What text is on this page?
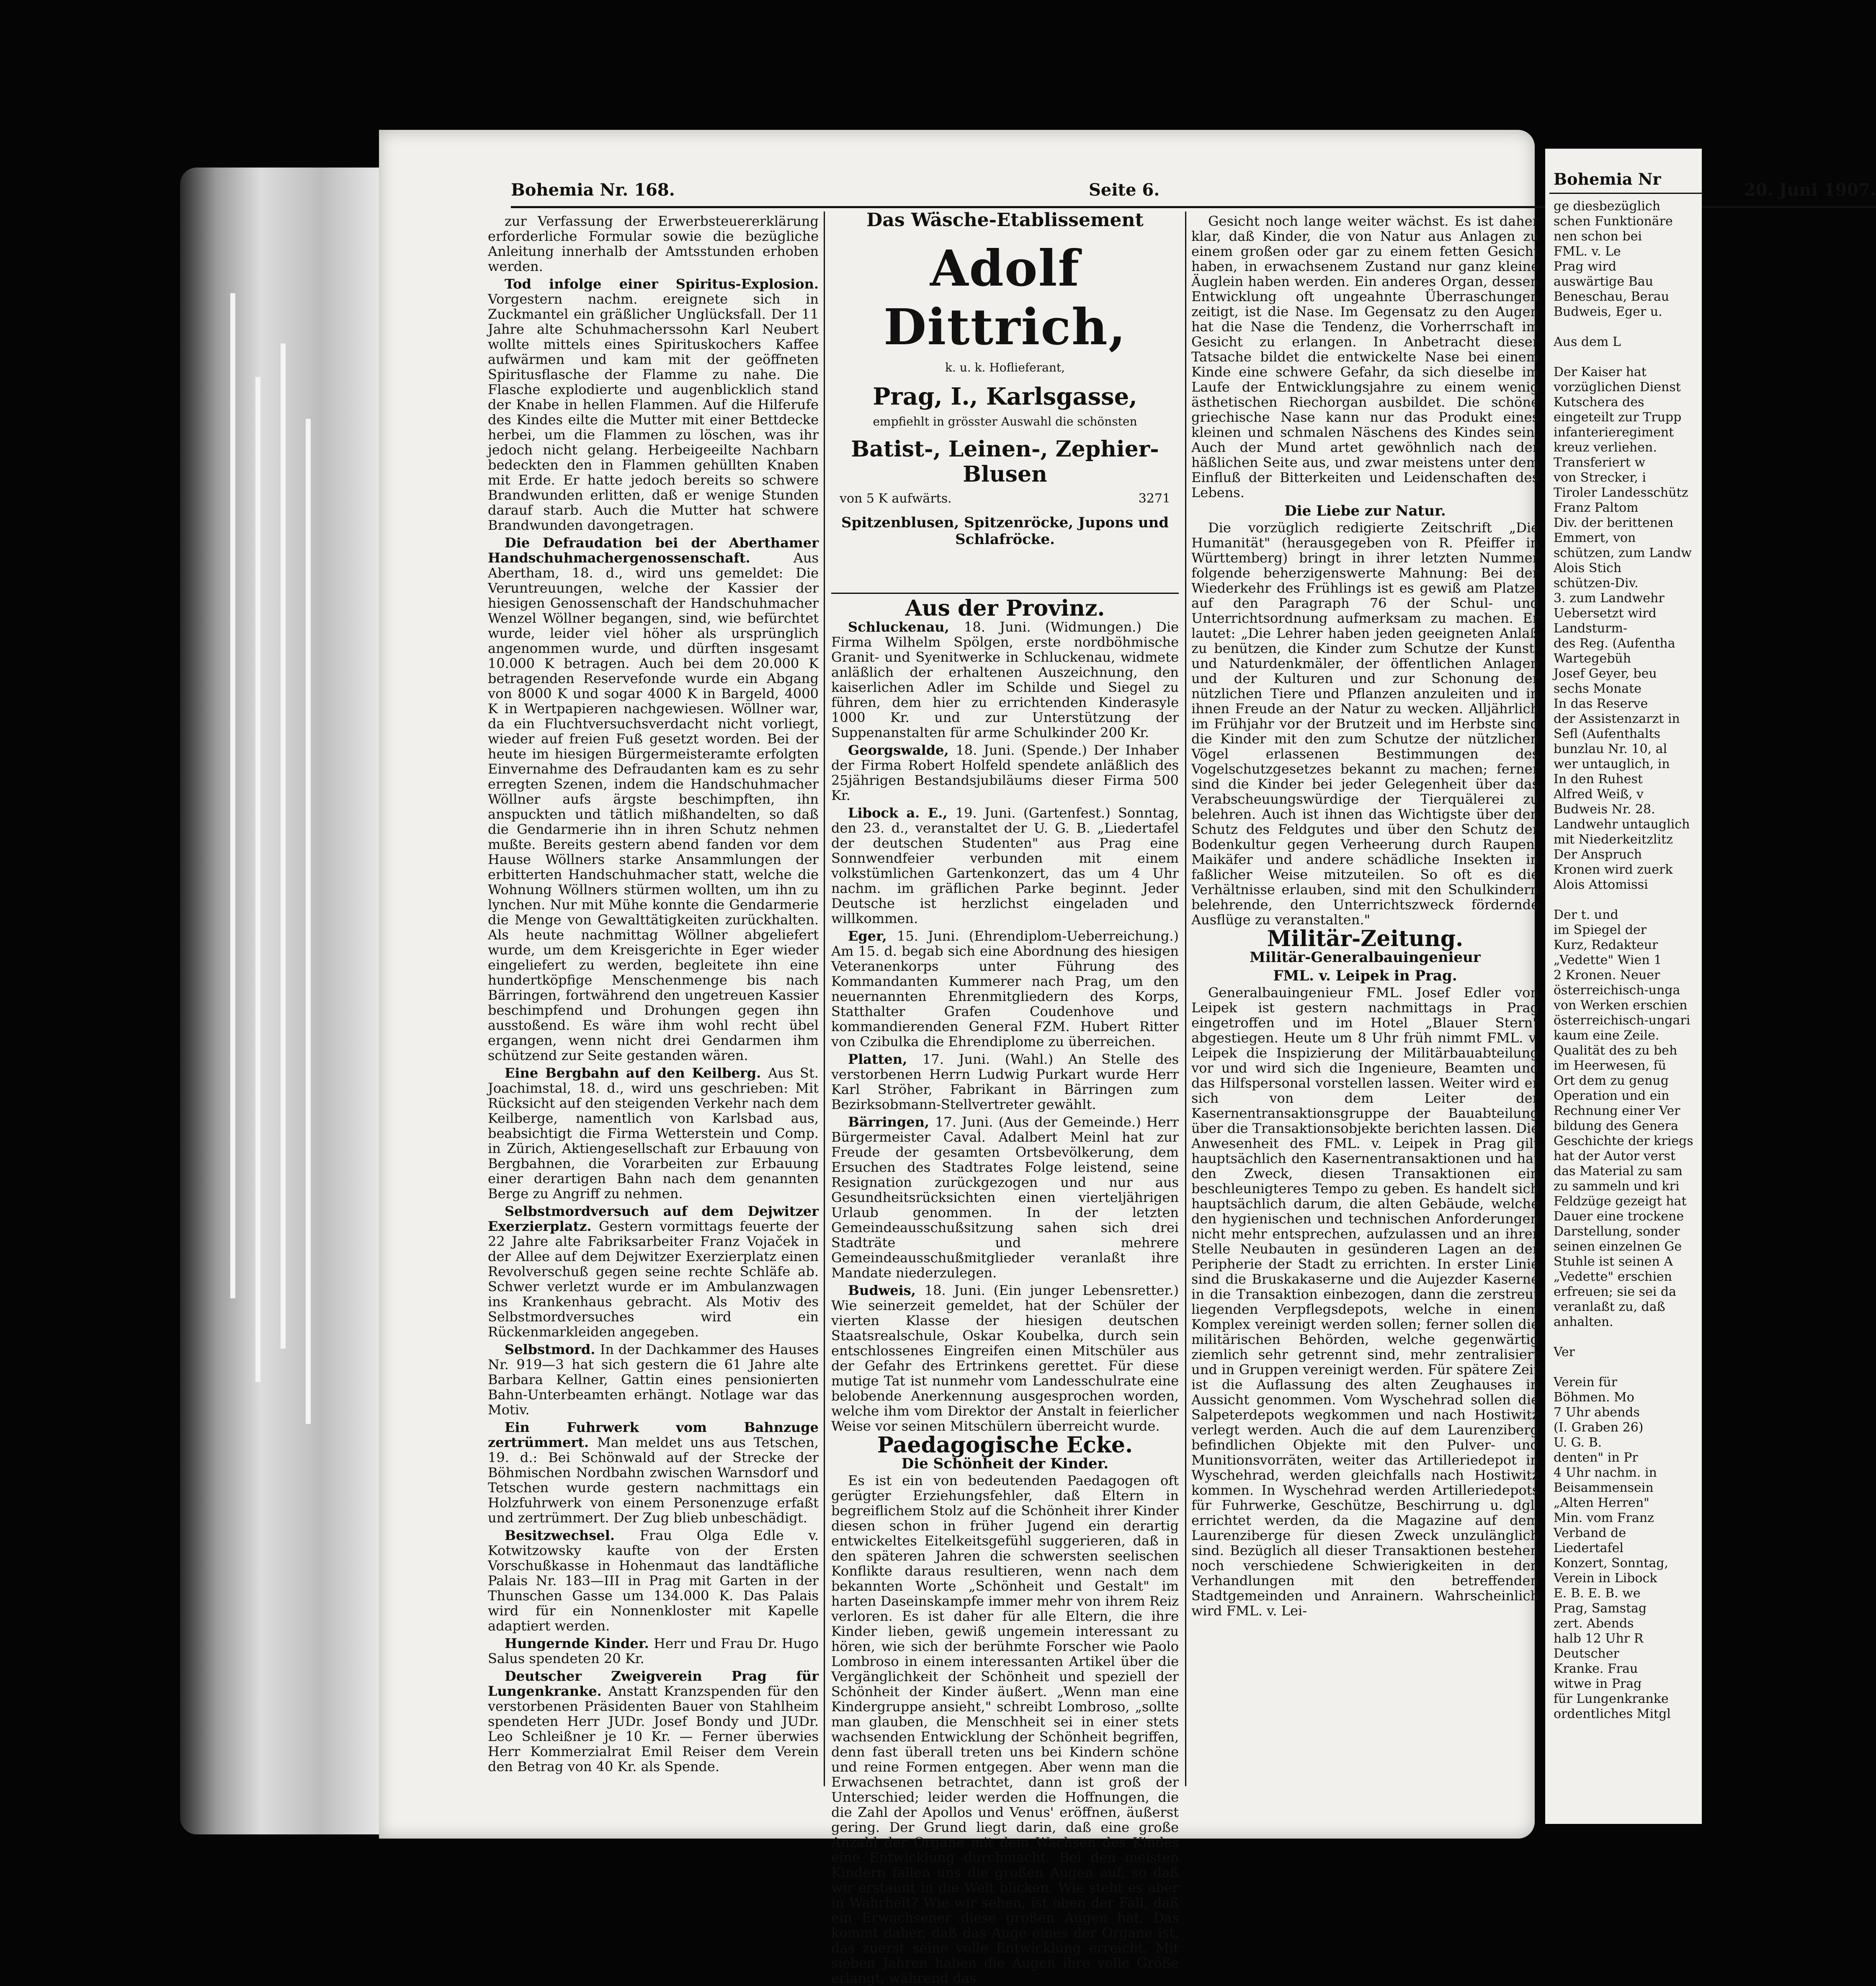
Bohemia Nr. 168.	Seite 6.	20. Juni 1907.

zur Verfassung der Erwerbsteuererklärung erforderliche Formular sowie die bezügliche Anleitung innerhalb der Amtsstunden erhoben werden.

Tod infolge einer Spiritus-Explosion. Vorgestern nachm. ereignete sich in Zuckmantel ein gräßlicher Unglücksfall. Der 11 Jahre alte Schuhmacherssohn Karl Neubert wollte mittels eines Spirituskochers Kaffee aufwärmen und kam mit der geöffneten Spiritusflasche der Flamme zu nahe. Die Flasche explodierte und augenblicklich stand der Knabe in hellen Flammen. Auf die Hilferufe des Kindes eilte die Mutter mit einer Bettdecke herbei, um die Flammen zu löschen, was ihr jedoch nicht gelang. Herbeigeeilte Nachbarn bedeckten den in Flammen gehüllten Knaben mit Erde. Er hatte jedoch bereits so schwere Brandwunden erlitten, daß er wenige Stunden darauf starb. Auch die Mutter hat schwere Brandwunden davongetragen.

Die Defraudation bei der Aberthamer Handschuhmachergenossenschaft. Aus Abertham, 18. d., wird uns gemeldet: Die Veruntreuungen, welche der Kassier der hiesigen Genossenschaft der Handschuhmacher Wenzel Wöllner begangen, sind, wie befürchtet wurde, leider viel höher als ursprünglich angenommen wurde, und dürften insgesamt 10.000 K betragen. Auch bei dem 20.000 K betragenden Reservefonde wurde ein Abgang von 8000 K und sogar 4000 K in Bargeld, 4000 K in Wertpapieren nachgewiesen. Wöllner war, da ein Fluchtversuchsverdacht nicht vorliegt, wieder auf freien Fuß gesetzt worden. Bei der heute im hiesigen Bürgermeisteramte erfolgten Einvernahme des Defraudanten kam es zu sehr erregten Szenen, indem die Handschuhmacher Wöllner aufs ärgste beschimpften, ihn anspuckten und tätlich mißhandelten, so daß die Gendarmerie ihn in ihren Schutz nehmen mußte. Bereits gestern abend fanden vor dem Hause Wöllners starke Ansammlungen der erbitterten Handschuhmacher statt, welche die Wohnung Wöllners stürmen wollten, um ihn zu lynchen. Nur mit Mühe konnte die Gendarmerie die Menge von Gewalttätigkeiten zurückhalten. Als heute nachmittag Wöllner abgeliefert wurde, um dem Kreisgerichte in Eger wieder eingeliefert zu werden, begleitete ihn eine hundertköpfige Menschenmenge bis nach Bärringen, fortwährend den ungetreuen Kassier beschimpfend und Drohungen gegen ihn ausstoßend. Es wäre ihm wohl recht übel ergangen, wenn nicht drei Gendarmen ihm schützend zur Seite gestanden wären.

Eine Bergbahn auf den Keilberg. Aus St. Joachimstal, 18. d., wird uns geschrieben: Mit Rücksicht auf den steigenden Verkehr nach dem Keilberge, namentlich von Karlsbad aus, beabsichtigt die Firma Wetterstein und Comp. in Zürich, Aktiengesellschaft zur Erbauung von Bergbahnen, die Vorarbeiten zur Erbauung einer derartigen Bahn nach dem genannten Berge zu Angriff zu nehmen.

Selbstmordversuch auf dem Dejwitzer Exerzierplatz. Gestern vormittags feuerte der 22 Jahre alte Fabriksarbeiter Franz Vojaček in der Allee auf dem Dejwitzer Exerzierplatz einen Revolverschuß gegen seine rechte Schläfe ab. Schwer verletzt wurde er im Ambulanzwagen ins Krankenhaus gebracht. Als Motiv des Selbstmordversuches wird ein Rückenmarkleiden angegeben.

Selbstmord. In der Dachkammer des Hauses Nr. 919—3 hat sich gestern die 61 Jahre alte Barbara Kellner, Gattin eines pensionierten Bahn-Unterbeamten erhängt. Notlage war das Motiv.

Ein Fuhrwerk vom Bahnzuge zertrümmert. Man meldet uns aus Tetschen, 19. d.: Bei Schönwald auf der Strecke der Böhmischen Nordbahn zwischen Warnsdorf und Tetschen wurde gestern nachmittags ein Holzfuhrwerk von einem Personenzuge erfaßt und zertrümmert. Der Zug blieb unbeschädigt.

Besitzwechsel. Frau Olga Edle v. Kotwitzowsky kaufte von der Ersten Vorschußkasse in Hohenmaut das landtäfliche Palais Nr. 183—III in Prag mit Garten in der Thunschen Gasse um 134.000 K. Das Palais wird für ein Nonnenkloster mit Kapelle adaptiert werden.

Hungernde Kinder. Herr und Frau Dr. Hugo Salus spendeten 20 Kr.

Deutscher Zweigverein Prag für Lungenkranke. Anstatt Kranzspenden für den verstorbenen Präsidenten Bauer von Stahlheim spendeten Herr JUDr. Josef Bondy und JUDr. Leo Schleißner je 10 Kr. — Ferner überwies Herr Kommerzialrat Emil Reiser dem Verein den Betrag von 40 Kr. als Spende.

Das Wäsche-Etablissement
Adolf Dittrich,
k. u. k. Hoflieferant,
Prag, I., Karlsgasse,
empfiehlt in grösster Auswahl die schönsten
Batist-, Leinen-, Zephier-Blusen
von 5 K aufwärts.	3271
Spitzenblusen, Spitzenröcke, Jupons und Schlafröcke.
Aus der Provinz.

Schluckenau, 18. Juni. (Widmungen.) Die Firma Wilhelm Spölgen, erste nordböhmische Granit- und Syenitwerke in Schluckenau, widmete anläßlich der erhaltenen Auszeichnung, den kaiserlichen Adler im Schilde und Siegel zu führen, dem hier zu errichtenden Kinderasyle 1000 Kr. und zur Unterstützung der Suppenanstalten für arme Schulkinder 200 Kr.

Georgswalde, 18. Juni. (Spende.) Der Inhaber der Firma Robert Holfeld spendete anläßlich des 25jährigen Bestandsjubiläums dieser Firma 500 Kr.

Libock a. E., 19. Juni. (Gartenfest.) Sonntag, den 23. d., veranstaltet der U. G. B. „Liedertafel der deutschen Studenten" aus Prag eine Sonnwendfeier verbunden mit einem volkstümlichen Gartenkonzert, das um 4 Uhr nachm. im gräflichen Parke beginnt. Jeder Deutsche ist herzlichst eingeladen und willkommen.

Eger, 15. Juni. (Ehrendiplom-Ueberreichung.) Am 15. d. begab sich eine Abordnung des hiesigen Veteranenkorps unter Führung des Kommandanten Kummerer nach Prag, um den neuernannten Ehrenmitgliedern des Korps, Statthalter Grafen Coudenhove und kommandierenden General FZM. Hubert Ritter von Czibulka die Ehrendiplome zu überreichen.

Platten, 17. Juni. (Wahl.) An Stelle des verstorbenen Herrn Ludwig Purkart wurde Herr Karl Ströher, Fabrikant in Bärringen zum Bezirksobmann-Stellvertreter gewählt.

Bärringen, 17. Juni. (Aus der Gemeinde.) Herr Bürgermeister Cavaĺ. Adalbert Meinl hat zur Freude der gesamten Ortsbevölkerung, dem Ersuchen des Stadtrates Folge leistend, seine Resignation zurückgezogen und nur aus Gesundheitsrücksichten einen vierteljährigen Urlaub genommen. In der letzten Gemeindeausschußsitzung sahen sich drei Stadträte und mehrere Gemeindeausschußmitglieder veranlaßt ihre Mandate niederzulegen.

Budweis, 18. Juni. (Ein junger Lebensretter.) Wie seinerzeit gemeldet, hat der Schüler der vierten Klasse der hiesigen deutschen Staatsrealschule, Oskar Koubelka, durch sein entschlossenes Eingreifen einen Mitschüler aus der Gefahr des Ertrinkens gerettet. Für diese mutige Tat ist nunmehr vom Landesschulrate eine belobende Anerkennung ausgesprochen worden, welche ihm vom Direktor der Anstalt in feierlicher Weise vor seinen Mitschülern überreicht wurde.

Paedagogische Ecke.
Die Schönheit der Kinder.

Es ist ein von bedeutenden Paedagogen oft gerügter Erziehungsfehler, daß Eltern in begreiflichem Stolz auf die Schönheit ihrer Kinder diesen schon in früher Jugend ein derartig entwickeltes Eitelkeitsgefühl suggerieren, daß in den späteren Jahren die schwersten seelischen Konflikte daraus resultieren, wenn nach dem bekannten Worte „Schönheit und Gestalt" im harten Daseinskampfe immer mehr von ihrem Reiz verloren. Es ist daher für alle Eltern, die ihre Kinder lieben, gewiß ungemein interessant zu hören, wie sich der berühmte Forscher wie Paolo Lombroso in einem interessanten Artikel über die Vergänglichkeit der Schönheit und speziell der Schönheit der Kinder äußert. „Wenn man eine Kindergruppe ansieht," schreibt Lombroso, „sollte man glauben, die Menschheit sei in einer stets wachsenden Entwicklung der Schönheit begriffen, denn fast überall treten uns bei Kindern schöne und reine Formen entgegen. Aber wenn man die Erwachsenen betrachtet, dann ist groß der Unterschied; leider werden die Hoffnungen, die die Zahl der Apollos und Venus' eröffnen, äußerst gering. Der Grund liegt darin, daß eine große Anzahl der Organe mit dem Wachsen des Kindes eine Entwicklung durchmacht. Bei den meisten Kindern fallen uns die großen Augen auf, so daß wir erstaunt in die Welt blicken. Wie steht es aber in Wahrheit? Wie wir sehen, ist oben der Fall, daß ein Erwachsener diese großen Augen hat. Das kommt daher, daß das Auge eines der Organe ist, das zuerst seine volle Entwicklung erreicht. Mit sieben Jahren haben die Augen ihre volle Größe erlangt, während das

Gesicht noch lange weiter wächst. Es ist daher klar, daß Kinder, die von Natur aus Anlagen zu einem großen oder gar zu einem fetten Gesicht haben, in erwachsenem Zustand nur ganz kleine Äuglein haben werden. Ein anderes Organ, dessen Entwicklung oft ungeahnte Überraschungen zeitigt, ist die Nase. Im Gegensatz zu den Augen hat die Nase die Tendenz, die Vorherrschaft im Gesicht zu erlangen. In Anbetracht dieser Tatsache bildet die entwickelte Nase bei einem Kinde eine schwere Gefahr, da sich dieselbe im Laufe der Entwicklungsjahre zu einem wenig ästhetischen Riechorgan ausbildet. Die schöne griechische Nase kann nur das Produkt eines kleinen und schmalen Näschens des Kindes sein. Auch der Mund artet gewöhnlich nach der häßlichen Seite aus, und zwar meistens unter dem Einfluß der Bitterkeiten und Leidenschaften des Lebens.

Die Liebe zur Natur.

Die vorzüglich redigierte Zeitschrift „Die Humanität" (herausgegeben von R. Pfeiffer in Württemberg) bringt in ihrer letzten Nummer folgende beherzigenswerte Mahnung: Bei der Wiederkehr des Frühlings ist es gewiß am Platze, auf den Paragraph 76 der Schul- und Unterrichtsordnung aufmerksam zu machen. Er lautet: „Die Lehrer haben jeden geeigneten Anlaß zu benützen, die Kinder zum Schutze der Kunst- und Naturdenkmäler, der öffentlichen Anlagen und der Kulturen und zur Schonung der nützlichen Tiere und Pflanzen anzuleiten und in ihnen Freude an der Natur zu wecken. Alljährlich im Frühjahr vor der Brutzeit und im Herbste sind die Kinder mit den zum Schutze der nützlichen Vögel erlassenen Bestimmungen des Vogelschutzgesetzes bekannt zu machen; ferner sind die Kinder bei jeder Gelegenheit über das Verabscheuungswürdige der Tierquälerei zu belehren. Auch ist ihnen das Wichtigste über den Schutz des Feldgutes und über den Schutz der Bodenkultur gegen Verheerung durch Raupen, Maikäfer und andere schädliche Insekten in faßlicher Weise mitzuteilen. So oft es die Verhältnisse erlauben, sind mit den Schulkindern belehrende, den Unterrichtszweck fördernde Ausflüge zu veranstalten."

Militär-Zeitung.
Militär-Generalbauingenieur
FML. v. Leipek in Prag.

Generalbauingenieur FML. Josef Edler von Leipek ist gestern nachmittags in Prag eingetroffen und im Hotel „Blauer Stern" abgestiegen. Heute um 8 Uhr früh nimmt FML. v. Leipek die Inspizierung der Militärbauabteilung vor und wird sich die Ingenieure, Beamten und das Hilfspersonal vorstellen lassen. Weiter wird er sich von dem Leiter der Kasernentransaktionsgruppe der Bauabteilung über die Transaktionsobjekte berichten lassen. Die Anwesenheit des FML. v. Leipek in Prag gilt hauptsächlich den Kasernentransaktionen und hat den Zweck, diesen Transaktionen ein beschleunigteres Tempo zu geben. Es handelt sich hauptsächlich darum, die alten Gebäude, welche den hygienischen und technischen Anforderungen nicht mehr entsprechen, aufzulassen und an ihrer Stelle Neubauten in gesünderen Lagen an der Peripherie der Stadt zu errichten. In erster Linie sind die Bruskakaserne und die Aujezder Kaserne in die Transaktion einbezogen, dann die zerstreut liegenden Verpflegsdepots, welche in einem Komplex vereinigt werden sollen; ferner sollen die militärischen Behörden, welche gegenwärtig ziemlich sehr getrennt sind, mehr zentralisiert und in Gruppen vereinigt werden. Für spätere Zeit ist die Auflassung des alten Zeughauses in Aussicht genommen. Vom Wyschehrad sollen die Salpeterdepots wegkommen und nach Hostiwitz verlegt werden. Auch die auf dem Laurenziberg befindlichen Objekte mit den Pulver- und Munitionsvorräten, weiter das Artilleriedepot in Wyschehrad, werden gleichfalls nach Hostiwitz kommen. In Wyschehrad werden Artilleriedepots für Fuhrwerke, Geschütze, Beschirrung u. dgl. errichtet werden, da die Magazine auf dem Laurenziberge für diesen Zweck unzulänglich sind. Bezüglich all dieser Transaktionen bestehen noch verschiedene Schwierigkeiten in den Verhandlungen mit den betreffenden Stadtgemeinden und Anrainern. Wahrscheinlich wird FML. v. Lei-

Bohemia Nr
ge diesbezüglich
schen Funktionäre
nen schon bei
FML. v. Le
Prag wird
auswärtige Bau
Beneschau, Berau
Budweis, Eger u.

Aus dem L

Der Kaiser hat
vorzüglichen Dienst
Kutschera des
eingeteilt zur Trupp
infanterieregiment
kreuz verliehen.
Transferiert w
von Strecker, i
Tiroler Landesschütz
Franz Paltom
Div. der berittenen
Emmert, von
schützen, zum Landw
Alois Stich
schützen-Div.
3. zum Landwehr
Uebersetzt wird
Landsturm-
des Reg. (Aufentha
Wartegebüh
Josef Geyer, beu
sechs Monate
In das Reserve
der Assistenzarzt in
Sefl (Aufenthalts
bunzlau Nr. 10, al
wer untauglich, in
In den Ruhest
Alfred Weiß, v
Budweis Nr. 28.
Landwehr untauglich
mit Niederkeitzlitz
Der Anspruch
Kronen wird zuerk
Alois Attomissi

Der t. und
im Spiegel der
Kurz, Redakteur
„Vedette" Wien 1
2 Kronen. Neuer
österreichisch-unga
von Werken erschien
österreichisch-ungari
kaum eine Zeile.
Qualität des zu beh
im Heerwesen, fü
Ort dem zu genug
Operation und ein
Rechnung einer Ver
bildung des Genera
Geschichte der kriegs
hat der Autor verst
das Material zu sam
zu sammeln und kri
Feldzüge gezeigt hat
Dauer eine trockene
Darstellung, sonder
seinen einzelnen Ge
Stuhle ist seinen A
„Vedette" erschien
erfreuen; sie sei da
veranlaßt zu, daß
anhalten.

Ver

Verein für
Böhmen. Mo
7 Uhr abends
(I. Graben 26)
U. G. B.
denten" in Pr
4 Uhr nachm. in
Beisammensein
„Alten Herren"
Min. vom Franz
Verband de
Liedertafel
Konzert, Sonntag,
Verein in Libock
E. B. E. B. we
Prag, Samstag
zert. Abends
halb 12 Uhr R
Deutscher
Kranke. Frau
witwe in Prag
für Lungenkranke
ordentliches Mitgl
